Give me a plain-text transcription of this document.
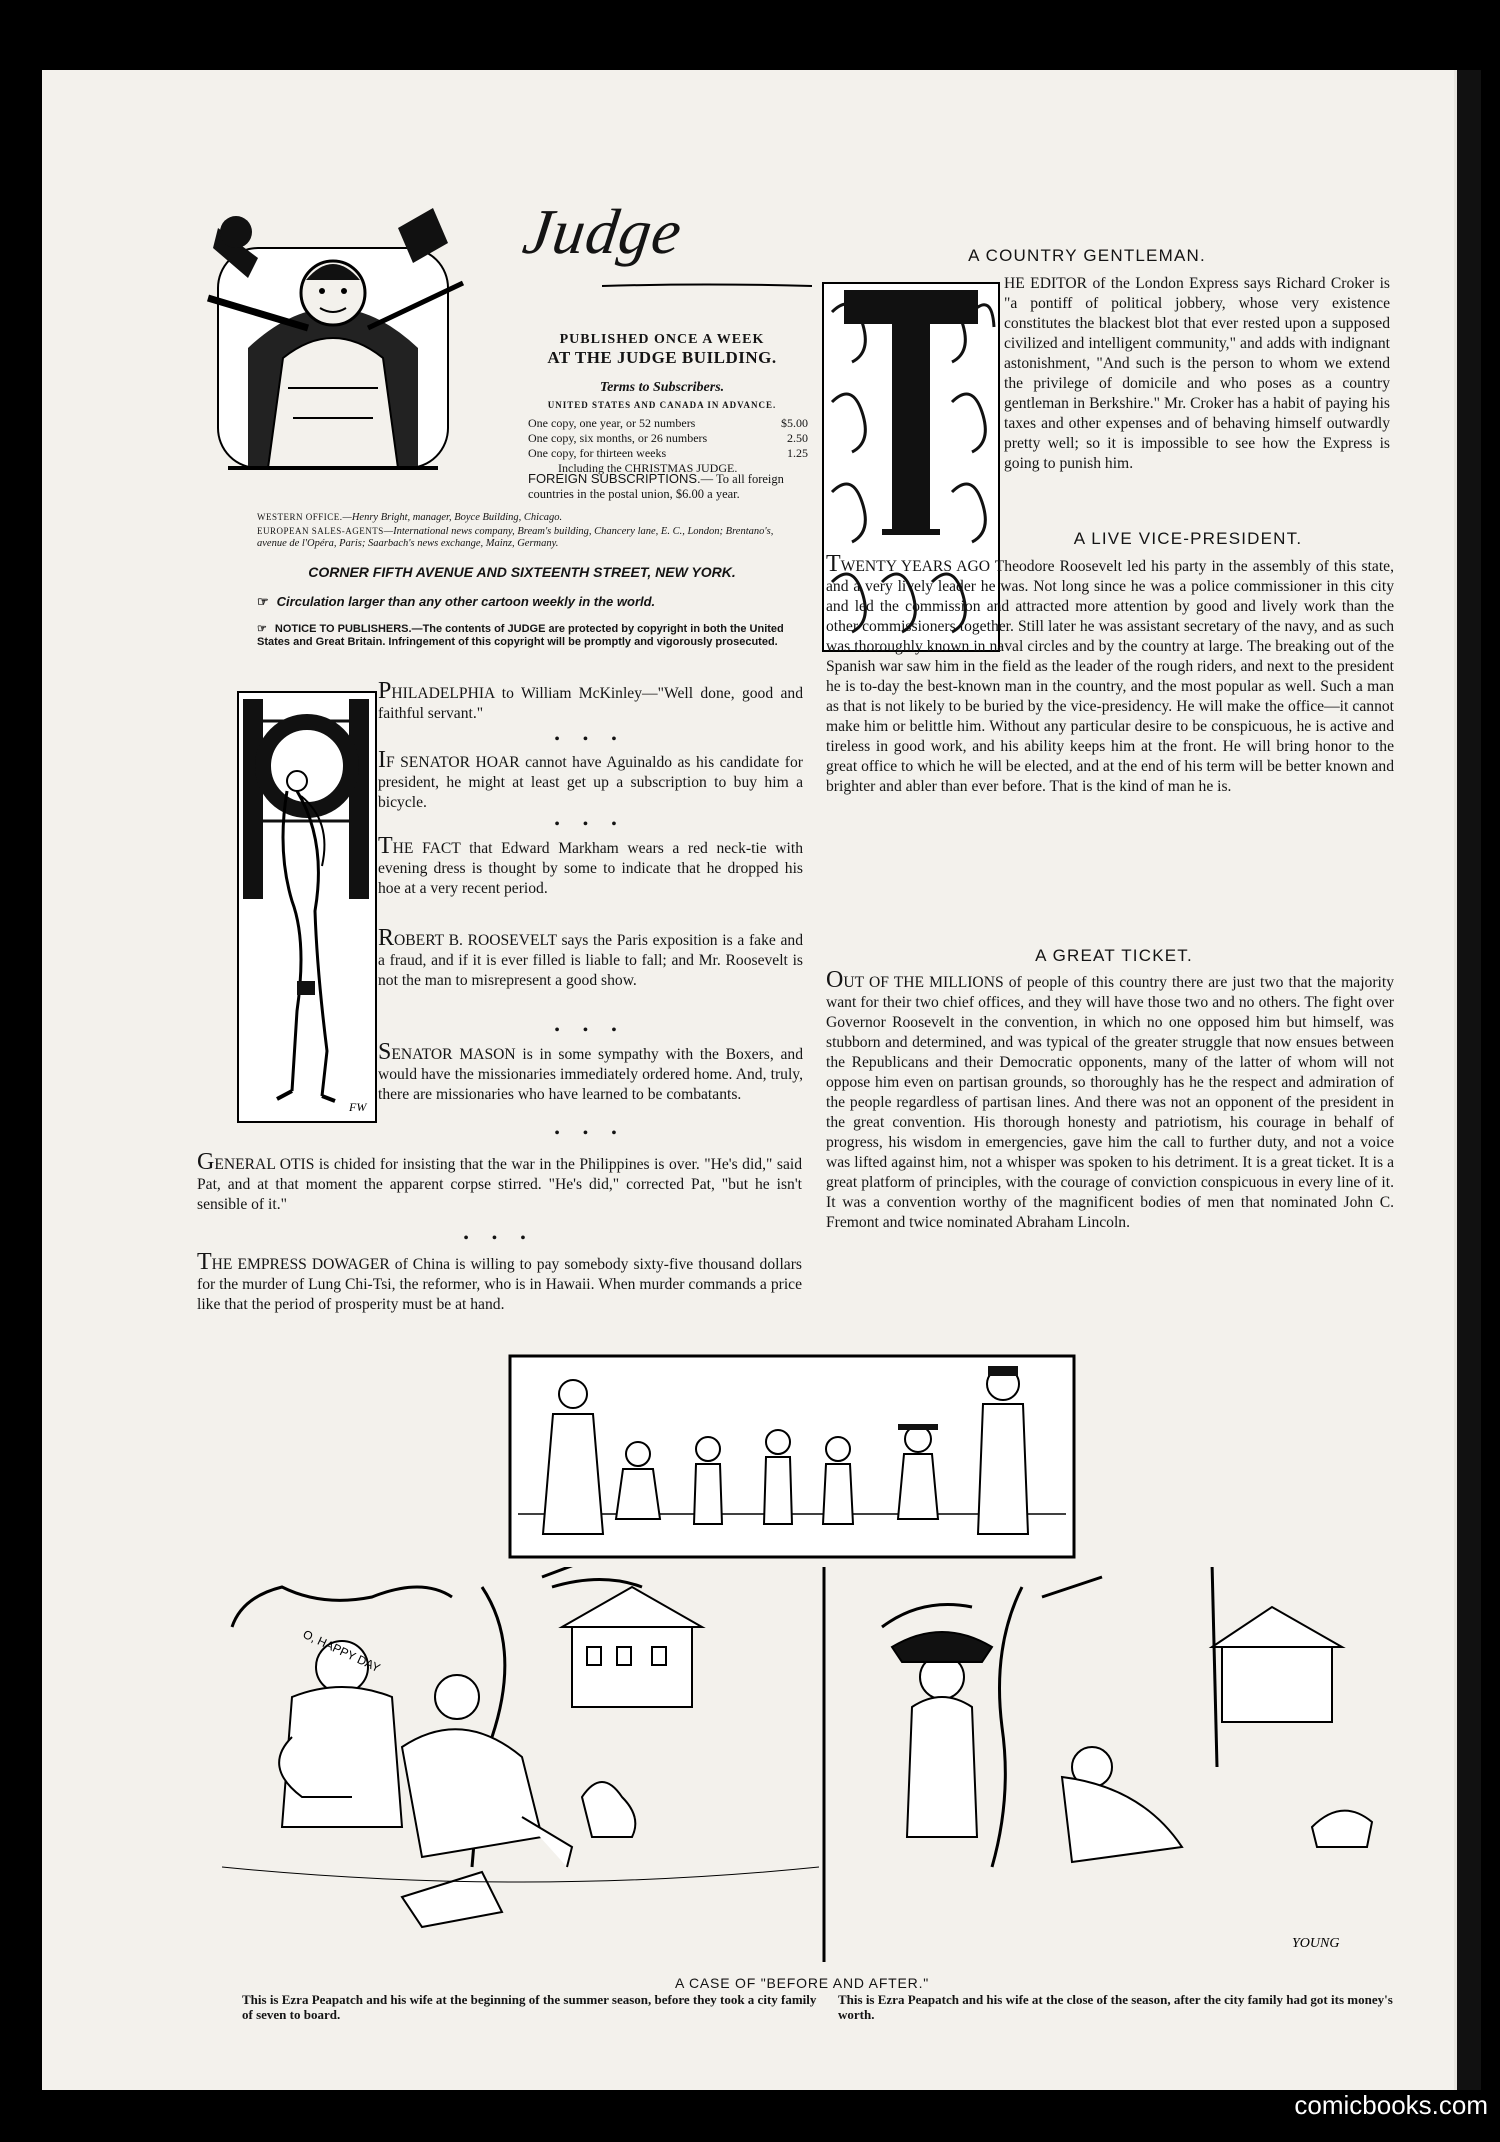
Judge
PUBLISHED ONCE A WEEK
AT THE JUDGE BUILDING.
Terms to Subscribers.
UNITED STATES AND CANADA IN ADVANCE.
One copy, one year, or 52 numbers	$5.00
One copy, six months, or 26 numbers	2.50
One copy, for thirteen weeks	1.25
Including the CHRISTMAS JUDGE.
FOREIGN SUBSCRIPTIONS.— To all foreign countries in the postal union, $6.00 a year.
WESTERN OFFICE.—Henry Bright, manager, Boyce Building, Chicago.
EUROPEAN SALES-AGENTS—International news company, Bream's building, Chancery lane, E. C., London; Brentano's, avenue de l'Opéra, Paris; Saarbach's news exchange, Mainz, Germany.
CORNER FIFTH AVENUE AND SIXTEENTH STREET, NEW YORK.
☞ Circulation larger than any other cartoon weekly in the world.
☞ NOTICE TO PUBLISHERS.—The contents of JUDGE are protected by copyright in both the United States and Great Britain. Infringement of this copyright will be promptly and vigorously prosecuted.
FW
PHILADELPHIA to William McKinley—"Well done, good and faithful servant."
• • •
IF SENATOR HOAR cannot have Aguinaldo as his candidate for president, he might at least get up a subscription to buy him a bicycle.
• • •
THE FACT that Edward Markham wears a red neck-tie with evening dress is thought by some to indicate that he dropped his hoe at a very recent period.
ROBERT B. ROOSEVELT says the Paris exposition is a fake and a fraud, and if it is ever filled is liable to fall; and Mr. Roosevelt is not the man to misrepresent a good show.
• • •
SENATOR MASON is in some sympathy with the Boxers, and would have the missionaries immediately ordered home. And, truly, there are missionaries who have learned to be combatants.
• • •
GENERAL OTIS is chided for insisting that the war in the Philippines is over. "He's did," said Pat, and at that moment the apparent corpse stirred. "He's did," corrected Pat, "but he isn't sensible of it."
• • •
THE EMPRESS DOWAGER of China is willing to pay somebody sixty-five thousand dollars for the murder of Lung Chi-Tsi, the reformer, who is in Hawaii. When murder commands a price like that the period of prosperity must be at hand.
A COUNTRY GENTLEMAN.
HE EDITOR of the London Express says Richard Croker is "a pontiff of political jobbery, whose very existence constitutes the blackest blot that ever rested upon a supposed civilized and intelligent community," and adds with indignant astonishment, "And such is the person to whom we extend the privilege of domicile and who poses as a country gentleman in Berkshire." Mr. Croker has a habit of paying his taxes and other expenses and of behaving himself outwardly pretty well; so it is impossible to see how the Express is going to punish him.
A LIVE VICE-PRESIDENT.
TWENTY YEARS AGO Theodore Roosevelt led his party in the assembly of this state, and a very lively leader he was. Not long since he was a police commissioner in this city and led the commission and attracted more attention by good and lively work than the other commissioners together. Still later he was assistant secretary of the navy, and as such was thoroughly known in naval circles and by the country at large. The breaking out of the Spanish war saw him in the field as the leader of the rough riders, and next to the president he is to-day the best-known man in the country, and the most popular as well. Such a man as that is not likely to be buried by the vice-presidency. He will make the office—it cannot make him or belittle him. Without any particular desire to be conspicuous, he is active and tireless in good work, and his ability keeps him at the front. He will bring honor to the great office to which he will be elected, and at the end of his term will be better known and brighter and abler than ever before. That is the kind of man he is.
A GREAT TICKET.
OUT OF THE MILLIONS of people of this country there are just two that the majority want for their two chief offices, and they will have those two and no others. The fight over Governor Roosevelt in the convention, in which no one opposed him but himself, was stubborn and determined, and was typical of the greater struggle that now ensues between the Republicans and their Democratic opponents, many of the latter of whom will not oppose him even on partisan grounds, so thoroughly has he the respect and admiration of the people regardless of partisan lines. And there was not an opponent of the president in the great convention. His thorough honesty and patriotism, his courage in behalf of progress, his wisdom in emergencies, gave him the call to further duty, and not a voice was lifted against him, not a whisper was spoken to his detriment. It is a great ticket. It is a great platform of principles, with the courage of conviction conspicuous in every line of it. It was a convention worthy of the magnificent bodies of men that nominated John C. Fremont and twice nominated Abraham Lincoln.
O, HAPPY DAY
YOUNG
A CASE OF "BEFORE AND AFTER."
This is Ezra Peapatch and his wife at the beginning of the summer season, before they took a city family of seven to board.
This is Ezra Peapatch and his wife at the close of the season, after the city family had got its money's worth.
comicbooks.com
